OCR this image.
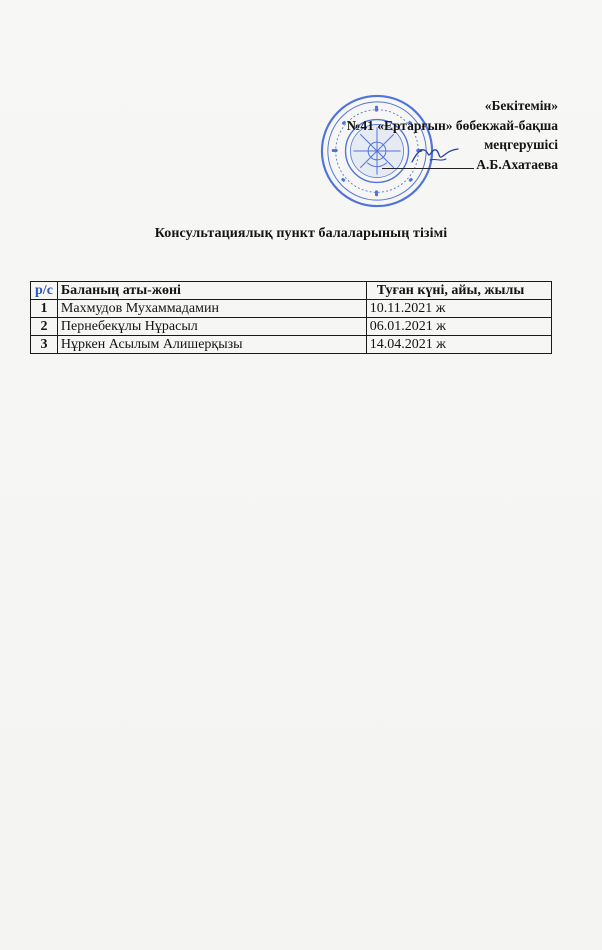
«Бекітемін»
№41 «Ертарғын» бөбекжай-бақша
меңгерушісі
А.Б.Ахатаева
Консультациялық пункт балаларының тізімі
р/с	Баланың аты-жөні	Туған күні, айы, жылы
1	Махмудов Мухаммадамин	10.11.2021 ж
2	Пернебекұлы Нұрасыл	06.01.2021 ж
3	Нұркен Асылым Алишерқызы	14.04.2021 ж
